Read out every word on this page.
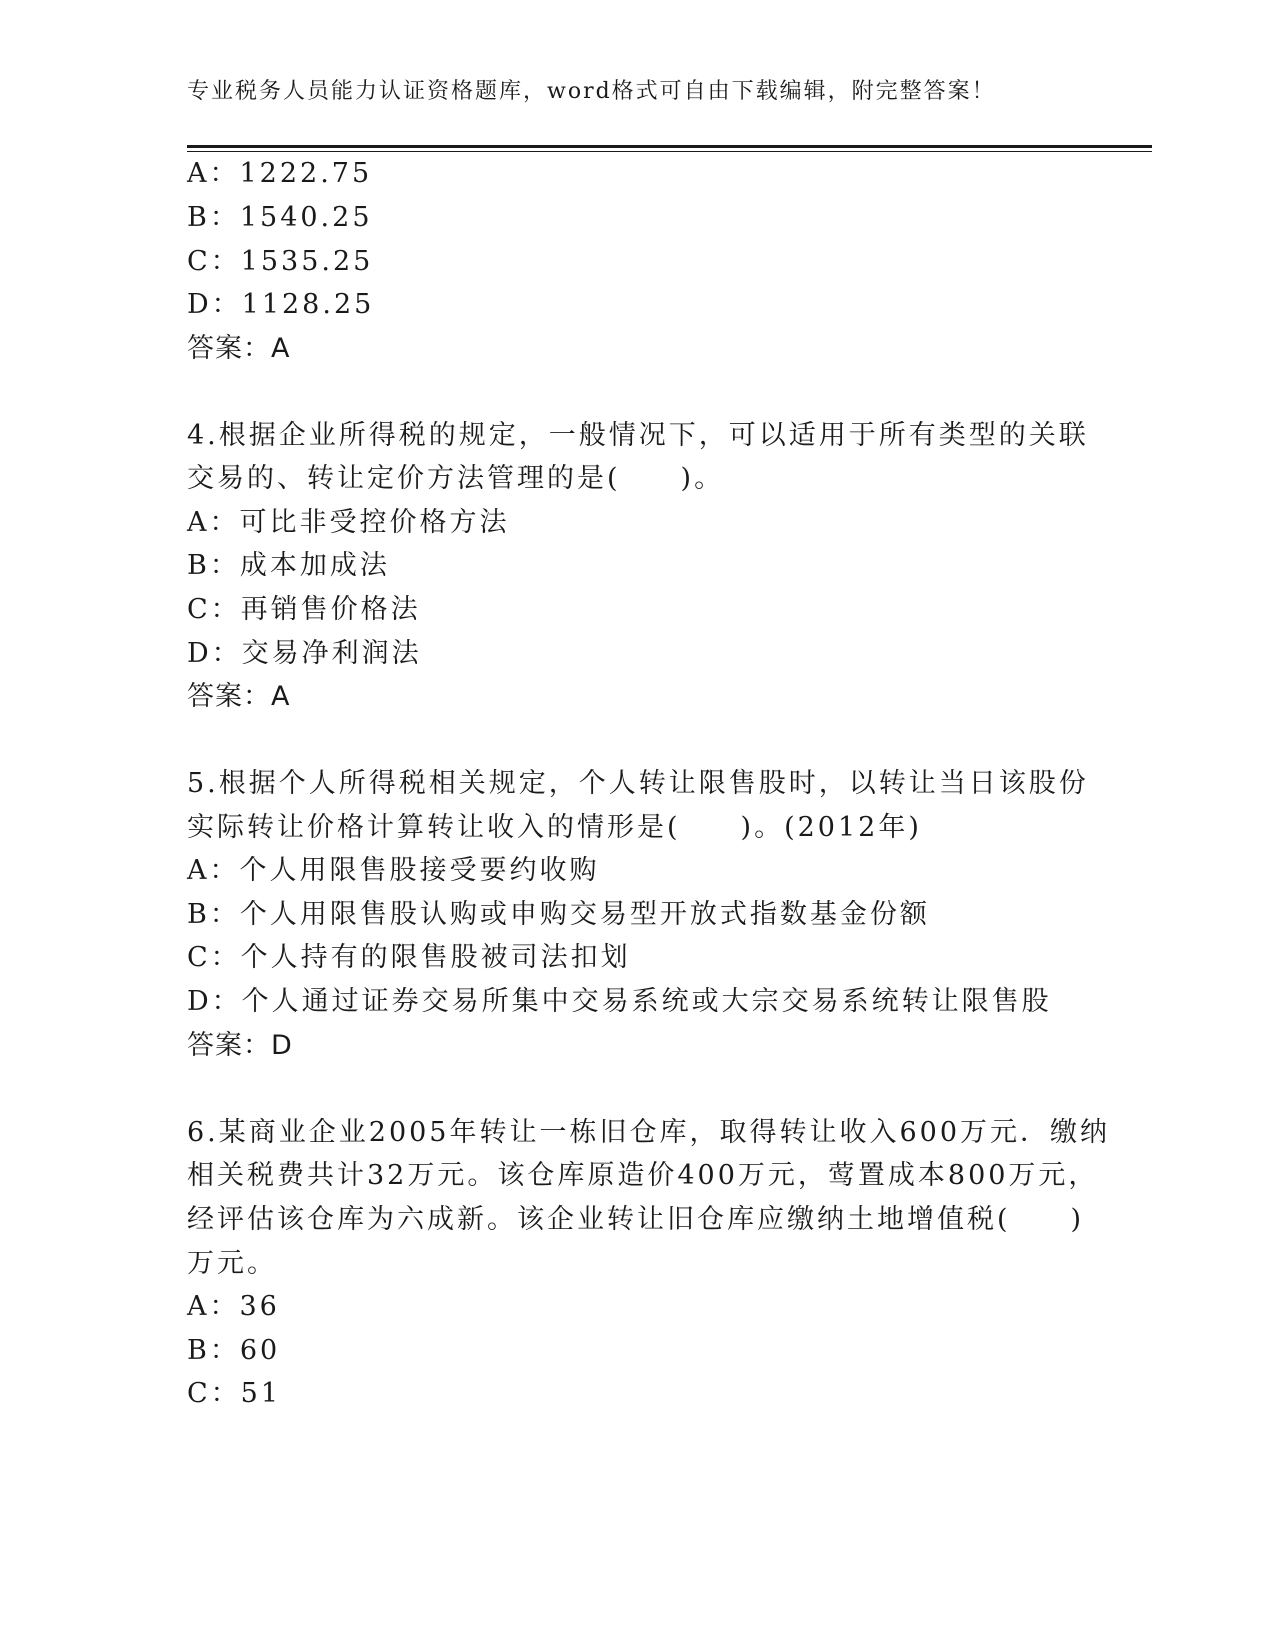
专业税务人员能力认证资格题库，word格式可自由下载编辑，附完整答案！
A：1222.75
B：1540.25
C：1535.25
D：1128.25
答案：A
4.根据企业所得税的规定，一般情况下，可以适用于所有类型的关联
交易的、转让定价方法管理的是(　　)。
A：可比非受控价格方法
B：成本加成法
C：再销售价格法
D：交易净利润法
答案：A
5.根据个人所得税相关规定，个人转让限售股时，以转让当日该股份
实际转让价格计算转让收入的情形是(　　)。(2012年)
A：个人用限售股接受要约收购
B：个人用限售股认购或申购交易型开放式指数基金份额
C：个人持有的限售股被司法扣划
D：个人通过证券交易所集中交易系统或大宗交易系统转让限售股
答案：D
6.某商业企业2005年转让一栋旧仓库，取得转让收入600万元．缴纳
相关税费共计32万元。该仓库原造价400万元，莺置成本800万元，
经评估该仓库为六成新。该企业转让旧仓库应缴纳土地增值税(　　)
万元。
A：36
B：60
C：51
